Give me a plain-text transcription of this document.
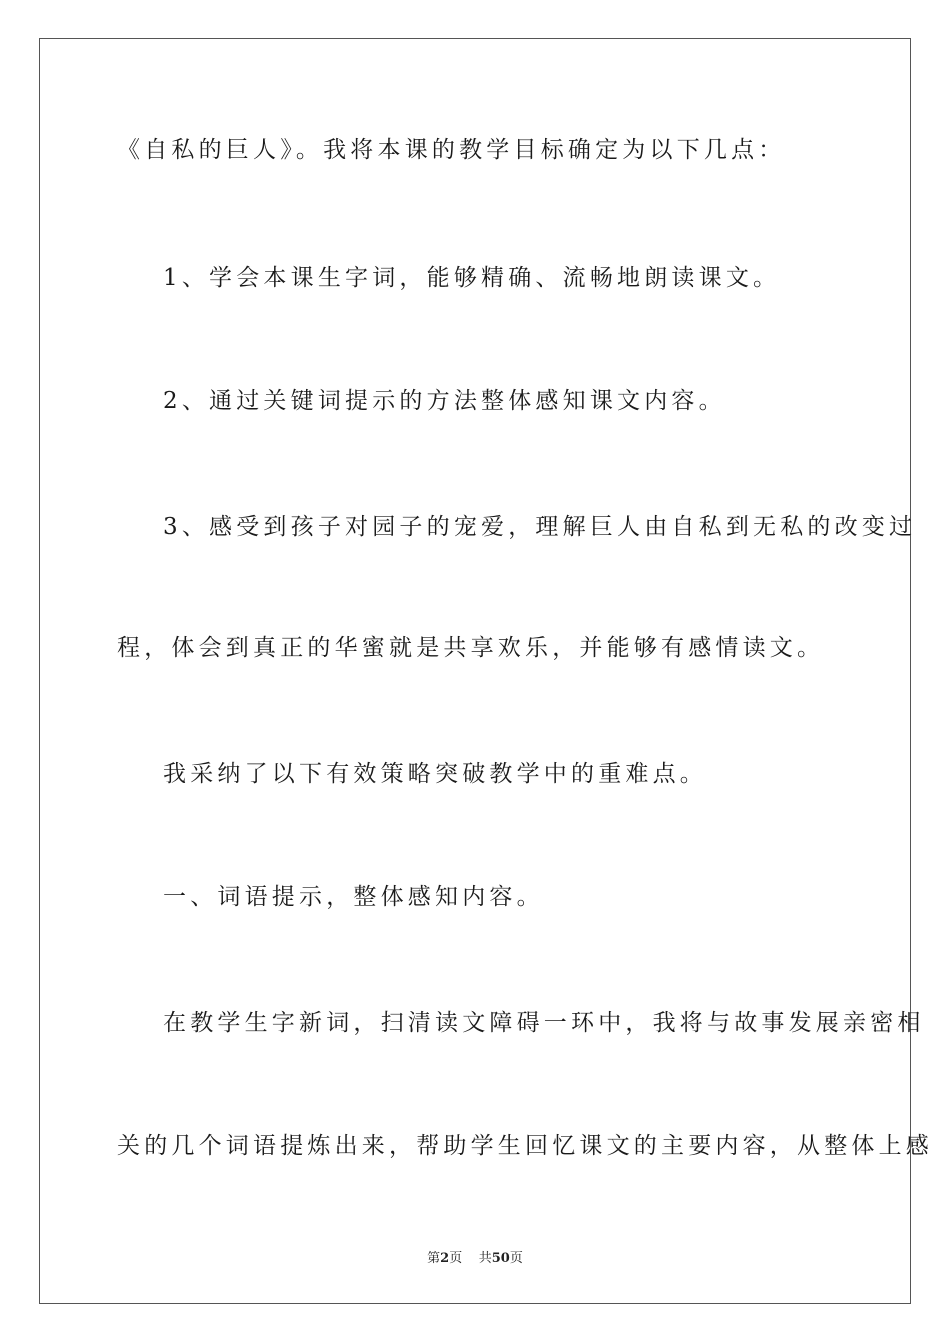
《自私的巨人》。我将本课的教学目标确定为以下几点：
1、学会本课生字词，能够精确、流畅地朗读课文。
2、通过关键词提示的方法整体感知课文内容。
3、感受到孩子对园子的宠爱，理解巨人由自私到无私的改变过
程，体会到真正的华蜜就是共享欢乐，并能够有感情读文。
我采纳了以下有效策略突破教学中的重难点。
一、词语提示，整体感知内容。
在教学生字新词，扫清读文障碍一环中，我将与故事发展亲密相
关的几个词语提炼出来，帮助学生回忆课文的主要内容，从整体上感
第2页 共50页
